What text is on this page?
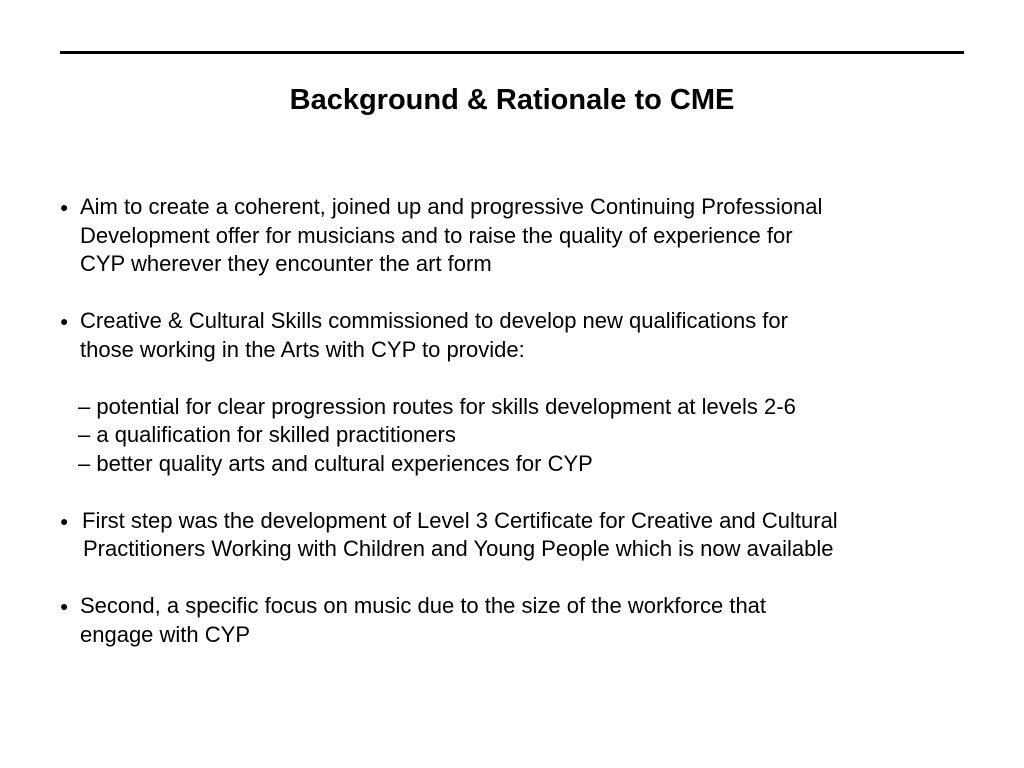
Background & Rationale to CME
● Aim to create a coherent, joined up and progressive Continuing Professional
Development offer for musicians and to raise the quality of experience for
CYP wherever they encounter the art form
● Creative & Cultural Skills commissioned to develop new qualifications for
those working in the Arts with CYP to provide:
– potential for clear progression routes for skills development at levels 2-6
– a qualification for skilled practitioners
– better quality arts and cultural experiences for CYP
● First step was the development of Level 3 Certificate for Creative and Cultural
Practitioners Working with Children and Young People which is now available
● Second, a specific focus on music due to the size of the workforce that
engage with CYP
